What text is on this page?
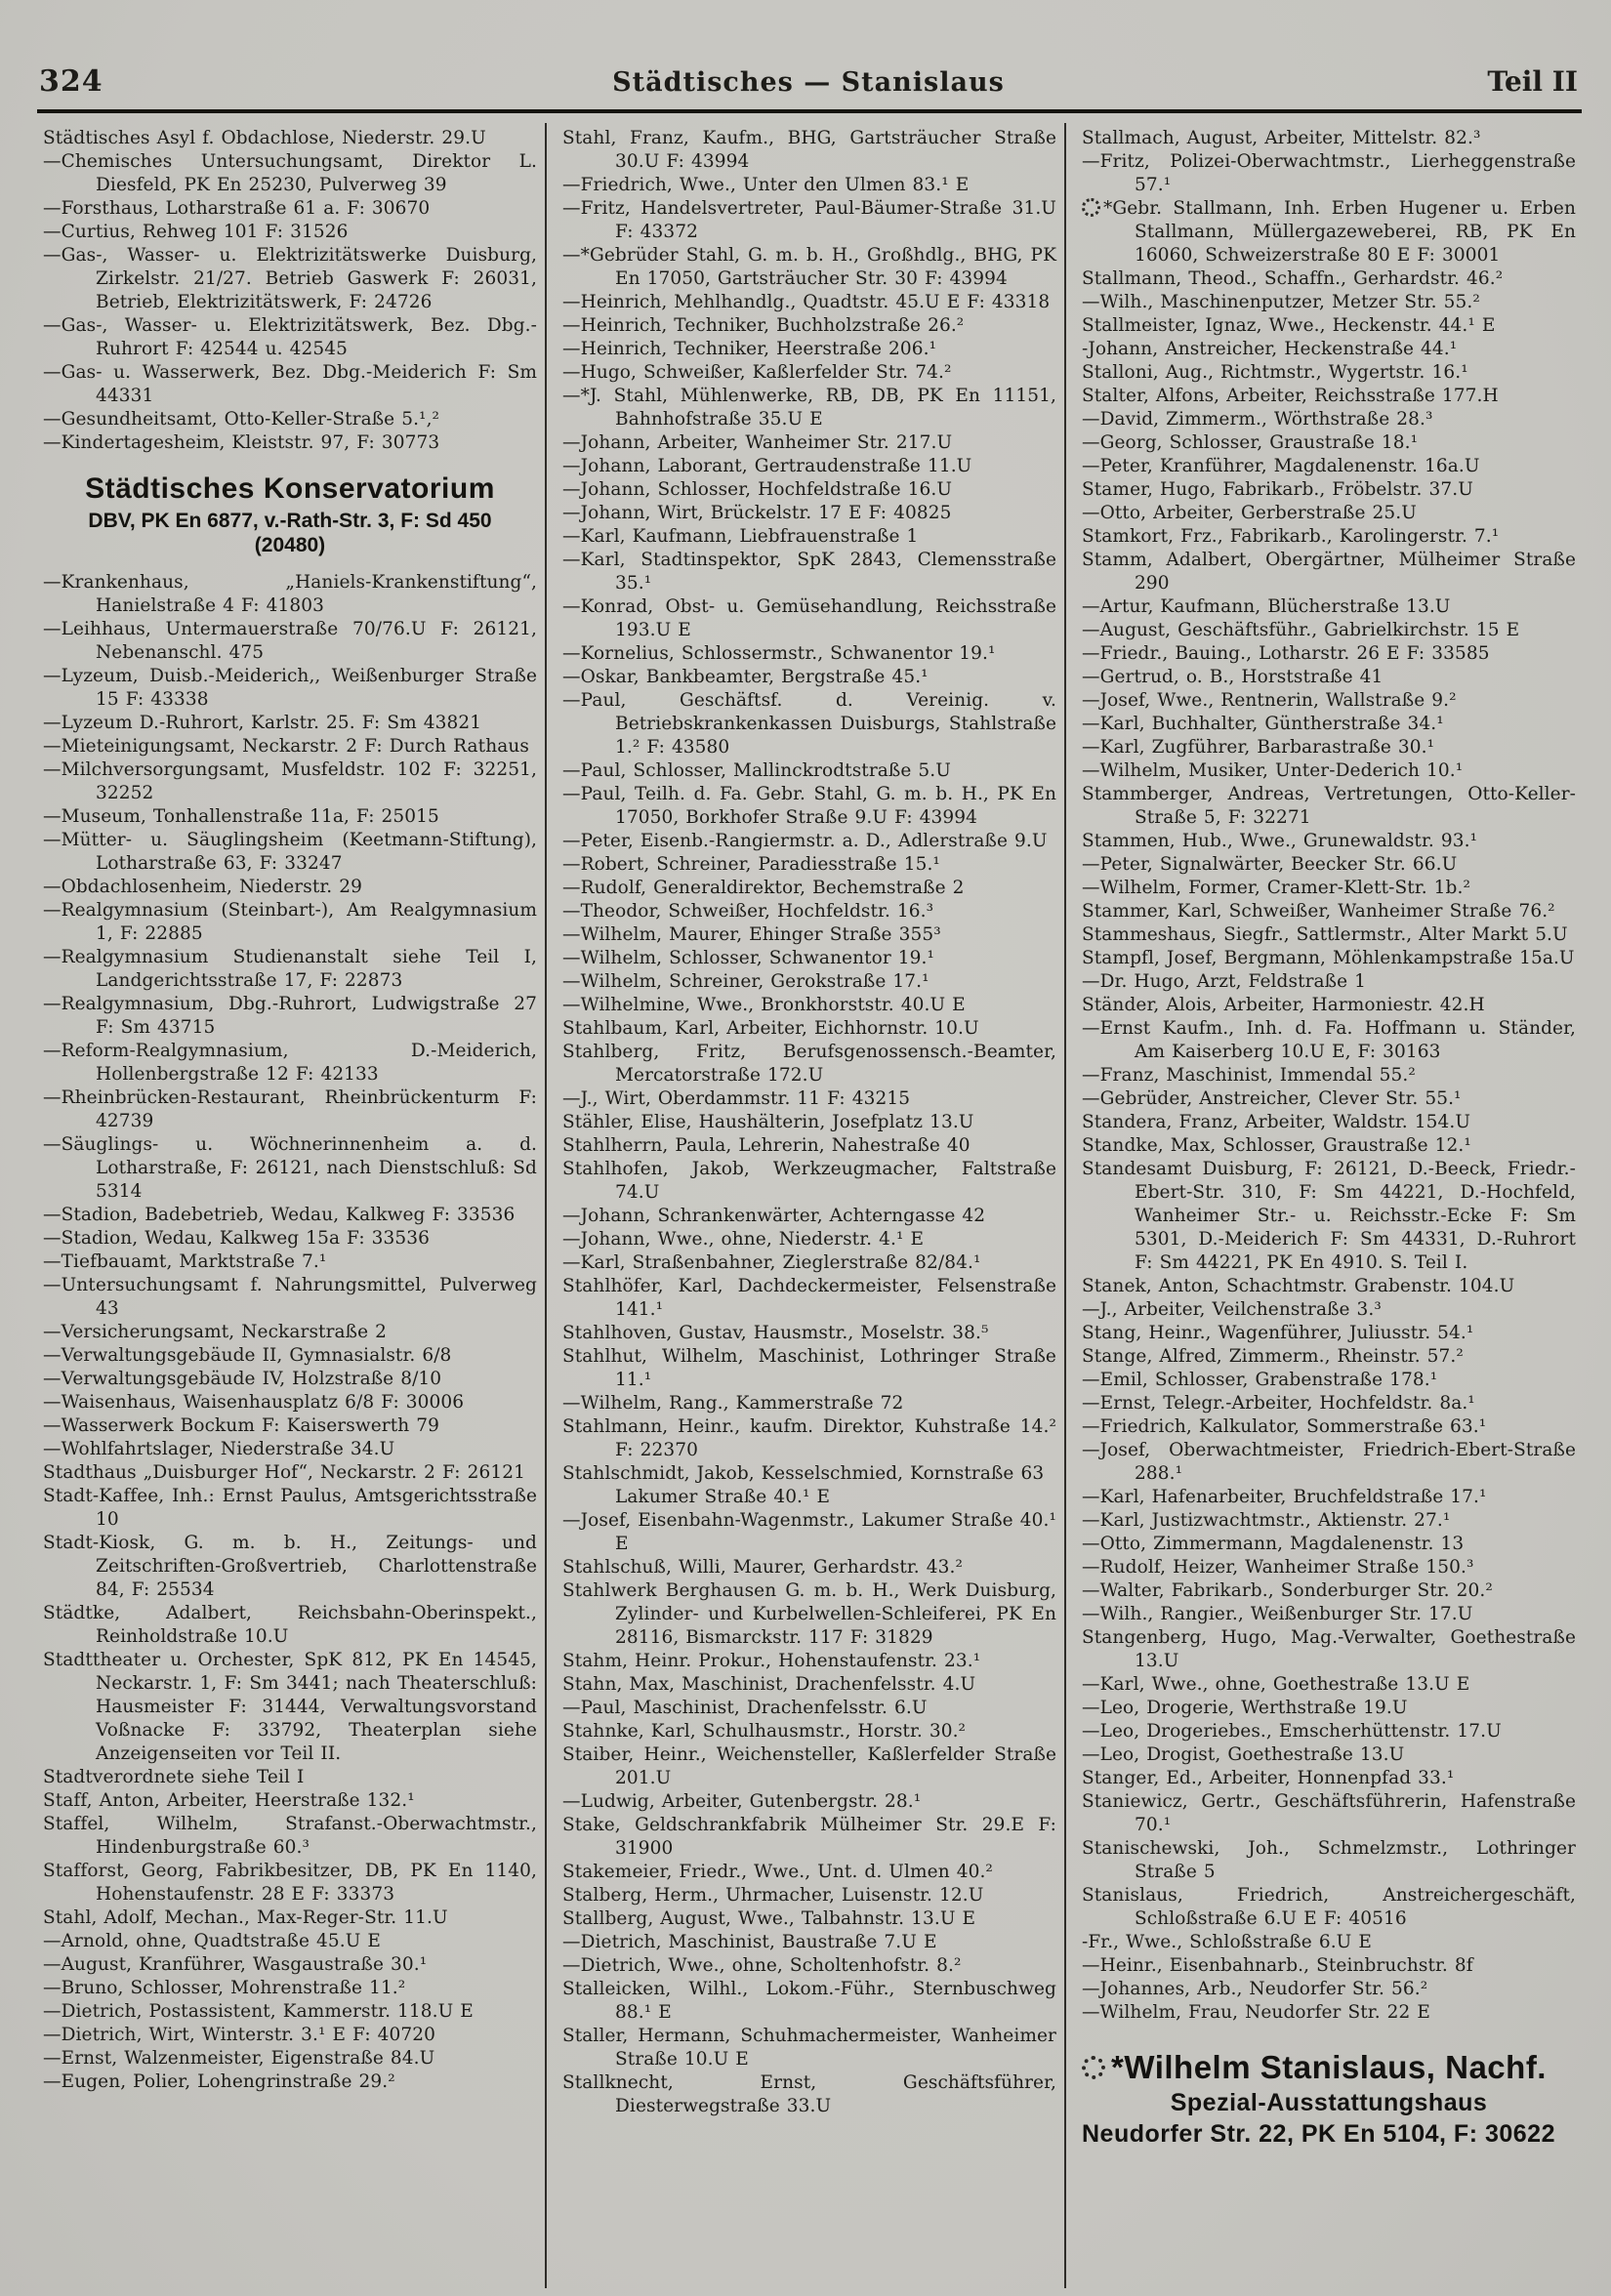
324	Städtisches — Stanislaus	Teil II

Städtisches Asyl f. Obdachlose, Niederstr. 29.U

—Chemisches Untersuchungsamt, Direktor L. Diesfeld, PK En 25230, Pulverweg 39

—Forsthaus, Lotharstraße 61 a. F: 30670

—Curtius, Rehweg 101 F: 31526

—Gas-, Wasser- u. Elektrizitätswerke Duisburg, Zirkelstr. 21/27. Betrieb Gaswerk F: 26031, Betrieb, Elektrizitätswerk, F: 24726

—Gas-, Wasser- u. Elektrizitätswerk, Bez. Dbg.-Ruhrort F: 42544 u. 42545

—Gas- u. Wasserwerk, Bez. Dbg.-Meiderich F: Sm 44331

—Gesundheitsamt, Otto-Keller-Straße 5.¹,²

—Kindertagesheim, Kleiststr. 97, F: 30773

Städtisches Konservatorium
DBV, PK En 6877, v.-Rath-Str. 3, F: Sd 450
(20480)

—Krankenhaus, „Haniels-Krankenstiftung“, Hanielstraße 4 F: 41803

—Leihhaus, Untermauerstraße 70/76.U F: 26121, Nebenanschl. 475

—Lyzeum, Duisb.-Meiderich,, Weißenburger Straße 15 F: 43338

—Lyzeum D.-Ruhrort, Karlstr. 25. F: Sm 43821

—Mieteinigungsamt, Neckarstr. 2 F: Durch Rathaus

—Milchversorgungsamt, Musfeldstr. 102 F: 32251, 32252

—Museum, Tonhallenstraße 11a, F: 25015

—Mütter- u. Säuglingsheim (Keetmann-Stiftung), Lotharstraße 63, F: 33247

—Obdachlosenheim, Niederstr. 29

—Realgymnasium (Steinbart-), Am Realgymnasium 1, F: 22885

—Realgymnasium Studienanstalt siehe Teil I, Landgerichtsstraße 17, F: 22873

—Realgymnasium, Dbg.-Ruhrort, Ludwigstraße 27 F: Sm 43715

—Reform-Realgymnasium, D.-Meiderich, Hollenbergstraße 12 F: 42133

—Rheinbrücken-Restaurant, Rheinbrückenturm F: 42739

—Säuglings- u. Wöchnerinnenheim a. d. Lotharstraße, F: 26121, nach Dienstschluß: Sd 5314

—Stadion, Badebetrieb, Wedau, Kalkweg F: 33536

—Stadion, Wedau, Kalkweg 15a F: 33536

—Tiefbauamt, Marktstraße 7.¹

—Untersuchungsamt f. Nahrungsmittel, Pulverweg 43

—Versicherungsamt, Neckarstraße 2

—Verwaltungsgebäude II, Gymnasialstr. 6/8

—Verwaltungsgebäude IV, Holzstraße 8/10

—Waisenhaus, Waisenhausplatz 6/8 F: 30006

—Wasserwerk Bockum F: Kaiserswerth 79

—Wohlfahrtslager, Niederstraße 34.U

Stadthaus „Duisburger Hof“, Neckarstr. 2 F: 26121

Stadt-Kaffee, Inh.: Ernst Paulus, Amtsgerichtsstraße 10

Stadt-Kiosk, G. m. b. H., Zeitungs- und Zeitschriften-Großvertrieb, Charlottenstraße 84, F: 25534

Städtke, Adalbert, Reichsbahn-Oberinspekt., Reinholdstraße 10.U

Stadttheater u. Orchester, SpK 812, PK En 14545, Neckarstr. 1, F: Sm 3441; nach Theaterschluß: Hausmeister F: 31444, Verwaltungsvorstand Voßnacke F: 33792, Theaterplan siehe Anzeigenseiten vor Teil II.

Stadtverordnete siehe Teil I

Staff, Anton, Arbeiter, Heerstraße 132.¹

Staffel, Wilhelm, Strafanst.-Oberwachtmstr., Hindenburgstraße 60.³

Stafforst, Georg, Fabrikbesitzer, DB, PK En 1140, Hohenstaufenstr. 28 E F: 33373

Stahl, Adolf, Mechan., Max-Reger-Str. 11.U

—Arnold, ohne, Quadtstraße 45.U E

—August, Kranführer, Wasgaustraße 30.¹

—Bruno, Schlosser, Mohrenstraße 11.²

—Dietrich, Postassistent, Kammerstr. 118.U E

—Dietrich, Wirt, Winterstr. 3.¹ E F: 40720

—Ernst, Walzenmeister, Eigenstraße 84.U

—Eugen, Polier, Lohengrinstraße 29.²

Stahl, Franz, Kaufm., BHG, Gartsträucher Straße 30.U F: 43994

—Friedrich, Wwe., Unter den Ulmen 83.¹ E

—Fritz, Handelsvertreter, Paul-Bäumer-Straße 31.U F: 43372

—*Gebrüder Stahl, G. m. b. H., Großhdlg., BHG, PK En 17050, Gartsträucher Str. 30 F: 43994

—Heinrich, Mehlhandlg., Quadtstr. 45.U E F: 43318

—Heinrich, Techniker, Buchholzstraße 26.²

—Heinrich, Techniker, Heerstraße 206.¹

—Hugo, Schweißer, Kaßlerfelder Str. 74.²

—*J. Stahl, Mühlenwerke, RB, DB, PK En 11151, Bahnhofstraße 35.U E

—Johann, Arbeiter, Wanheimer Str. 217.U

—Johann, Laborant, Gertraudenstraße 11.U

—Johann, Schlosser, Hochfeldstraße 16.U

—Johann, Wirt, Brückelstr. 17 E F: 40825

—Karl, Kaufmann, Liebfrauenstraße 1

—Karl, Stadtinspektor, SpK 2843, Clemensstraße 35.¹

—Konrad, Obst- u. Gemüsehandlung, Reichsstraße 193.U E

—Kornelius, Schlossermstr., Schwanentor 19.¹

—Oskar, Bankbeamter, Bergstraße 45.¹

—Paul, Geschäftsf. d. Vereinig. v. Betriebskrankenkassen Duisburgs, Stahlstraße 1.² F: 43580

—Paul, Schlosser, Mallinckrodtstraße 5.U

—Paul, Teilh. d. Fa. Gebr. Stahl, G. m. b. H., PK En 17050, Borkhofer Straße 9.U F: 43994

—Peter, Eisenb.-Rangiermstr. a. D., Adlerstraße 9.U

—Robert, Schreiner, Paradiesstraße 15.¹

—Rudolf, Generaldirektor, Bechemstraße 2

—Theodor, Schweißer, Hochfeldstr. 16.³

—Wilhelm, Maurer, Ehinger Straße 355³

—Wilhelm, Schlosser, Schwanentor 19.¹

—Wilhelm, Schreiner, Gerokstraße 17.¹

—Wilhelmine, Wwe., Bronkhorststr. 40.U E

Stahlbaum, Karl, Arbeiter, Eichhornstr. 10.U

Stahlberg, Fritz, Berufsgenossensch.-Beamter, Mercatorstraße 172.U

—J., Wirt, Oberdammstr. 11 F: 43215

Stähler, Elise, Haushälterin, Josefplatz 13.U

Stahlherrn, Paula, Lehrerin, Nahestraße 40

Stahlhofen, Jakob, Werkzeugmacher, Faltstraße 74.U

—Johann, Schrankenwärter, Achterngasse 42

—Johann, Wwe., ohne, Niederstr. 4.¹ E

—Karl, Straßenbahner, Zieglerstraße 82/84.¹

Stahlhöfer, Karl, Dachdeckermeister, Felsenstraße 141.¹

Stahlhoven, Gustav, Hausmstr., Moselstr. 38.⁵

Stahlhut, Wilhelm, Maschinist, Lothringer Straße 11.¹

—Wilhelm, Rang., Kammerstraße 72

Stahlmann, Heinr., kaufm. Direktor, Kuhstraße 14.² F: 22370

Stahlschmidt, Jakob, Kesselschmied, Kornstraße 63

Lakumer Straße 40.¹ E

—Josef, Eisenbahn-Wagenmstr., Lakumer Straße 40.¹ E

Stahlschuß, Willi, Maurer, Gerhardstr. 43.²

Stahlwerk Berghausen G. m. b. H., Werk Duisburg, Zylinder- und Kurbelwellen-Schleiferei, PK En 28116, Bismarckstr. 117 F: 31829

Stahm, Heinr. Prokur., Hohenstaufenstr. 23.¹

Stahn, Max, Maschinist, Drachenfelsstr. 4.U

—Paul, Maschinist, Drachenfelsstr. 6.U

Stahnke, Karl, Schulhausmstr., Horstr. 30.²

Staiber, Heinr., Weichensteller, Kaßlerfelder Straße 201.U

—Ludwig, Arbeiter, Gutenbergstr. 28.¹

Stake, Geldschrankfabrik Mülheimer Str. 29.E F: 31900

Stakemeier, Friedr., Wwe., Unt. d. Ulmen 40.²

Stalberg, Herm., Uhrmacher, Luisenstr. 12.U

Stallberg, August, Wwe., Talbahnstr. 13.U E

—Dietrich, Maschinist, Baustraße 7.U E

—Dietrich, Wwe., ohne, Scholtenhofstr. 8.²

Stalleicken, Wilhl., Lokom.-Führ., Sternbuschweg 88.¹ E

Staller, Hermann, Schuhmachermeister, Wanheimer Straße 10.U E

Stallknecht, Ernst, Geschäftsführer, Diesterwegstraße 33.U

Stallmach, August, Arbeiter, Mittelstr. 82.³

—Fritz, Polizei-Oberwachtmstr., Lierheggenstraße 57.¹

*Gebr. Stallmann, Inh. Erben Hugener u. Erben Stallmann, Müllergazeweberei, RB, PK En 16060, Schweizerstraße 80 E F: 30001

Stallmann, Theod., Schaffn., Gerhardstr. 46.²

—Wilh., Maschinenputzer, Metzer Str. 55.²

Stallmeister, Ignaz, Wwe., Heckenstr. 44.¹ E

-Johann, Anstreicher, Heckenstraße 44.¹

Stalloni, Aug., Richtmstr., Wygertstr. 16.¹

Stalter, Alfons, Arbeiter, Reichsstraße 177.H

—David, Zimmerm., Wörthstraße 28.³

—Georg, Schlosser, Graustraße 18.¹

—Peter, Kranführer, Magdalenenstr. 16a.U

Stamer, Hugo, Fabrikarb., Fröbelstr. 37.U

—Otto, Arbeiter, Gerberstraße 25.U

Stamkort, Frz., Fabrikarb., Karolingerstr. 7.¹

Stamm, Adalbert, Obergärtner, Mülheimer Straße 290

—Artur, Kaufmann, Blücherstraße 13.U

—August, Geschäftsführ., Gabrielkirchstr. 15 E

—Friedr., Bauing., Lotharstr. 26 E F: 33585

—Gertrud, o. B., Horststraße 41

—Josef, Wwe., Rentnerin, Wallstraße 9.²

—Karl, Buchhalter, Güntherstraße 34.¹

—Karl, Zugführer, Barbarastraße 30.¹

—Wilhelm, Musiker, Unter-Dederich 10.¹

Stammberger, Andreas, Vertretungen, Otto-Keller-Straße 5, F: 32271

Stammen, Hub., Wwe., Grunewaldstr. 93.¹

—Peter, Signalwärter, Beecker Str. 66.U

—Wilhelm, Former, Cramer-Klett-Str. 1b.²

Stammer, Karl, Schweißer, Wanheimer Straße 76.²

Stammeshaus, Siegfr., Sattlermstr., Alter Markt 5.U

Stampfl, Josef, Bergmann, Möhlenkampstraße 15a.U

—Dr. Hugo, Arzt, Feldstraße 1

Ständer, Alois, Arbeiter, Harmoniestr. 42.H

—Ernst Kaufm., Inh. d. Fa. Hoffmann u. Ständer, Am Kaiserberg 10.U E, F: 30163

—Franz, Maschinist, Immendal 55.²

—Gebrüder, Anstreicher, Clever Str. 55.¹

Standera, Franz, Arbeiter, Waldstr. 154.U

Standke, Max, Schlosser, Graustraße 12.¹

Standesamt Duisburg, F: 26121, D.-Beeck, Friedr.-Ebert-Str. 310, F: Sm 44221, D.-Hochfeld, Wanheimer Str.- u. Reichsstr.-Ecke F: Sm 5301, D.-Meiderich F: Sm 44331, D.-Ruhrort F: Sm 44221, PK En 4910. S. Teil I.

Stanek, Anton, Schachtmstr. Grabenstr. 104.U

—J., Arbeiter, Veilchenstraße 3.³

Stang, Heinr., Wagenführer, Juliusstr. 54.¹

Stange, Alfred, Zimmerm., Rheinstr. 57.²

—Emil, Schlosser, Grabenstraße 178.¹

—Ernst, Telegr.-Arbeiter, Hochfeldstr. 8a.¹

—Friedrich, Kalkulator, Sommerstraße 63.¹

—Josef, Oberwachtmeister, Friedrich-Ebert-Straße 288.¹

—Karl, Hafenarbeiter, Bruchfeldstraße 17.¹

—Karl, Justizwachtmstr., Aktienstr. 27.¹

—Otto, Zimmermann, Magdalenenstr. 13

—Rudolf, Heizer, Wanheimer Straße 150.³

—Walter, Fabrikarb., Sonderburger Str. 20.²

—Wilh., Rangier., Weißenburger Str. 17.U

Stangenberg, Hugo, Mag.-Verwalter, Goethestraße 13.U

—Karl, Wwe., ohne, Goethestraße 13.U E

—Leo, Drogerie, Werthstraße 19.U

—Leo, Drogeriebes., Emscherhüttenstr. 17.U

—Leo, Drogist, Goethestraße 13.U

Stanger, Ed., Arbeiter, Honnenpfad 33.¹

Staniewicz, Gertr., Geschäftsführerin, Hafenstraße 70.¹

Stanischewski, Joh., Schmelzmstr., Lothringer Straße 5

Stanislaus, Friedrich, Anstreichergeschäft, Schloßstraße 6.U E F: 40516

-Fr., Wwe., Schloßstraße 6.U E

—Heinr., Eisenbahnarb., Steinbruchstr. 8f

—Johannes, Arb., Neudorfer Str. 56.²

—Wilhelm, Frau, Neudorfer Str. 22 E

*Wilhelm Stanislaus, Nachf.
Spezial-Ausstattungshaus
Neudorfer Str. 22, PK En 5104, F: 30622
